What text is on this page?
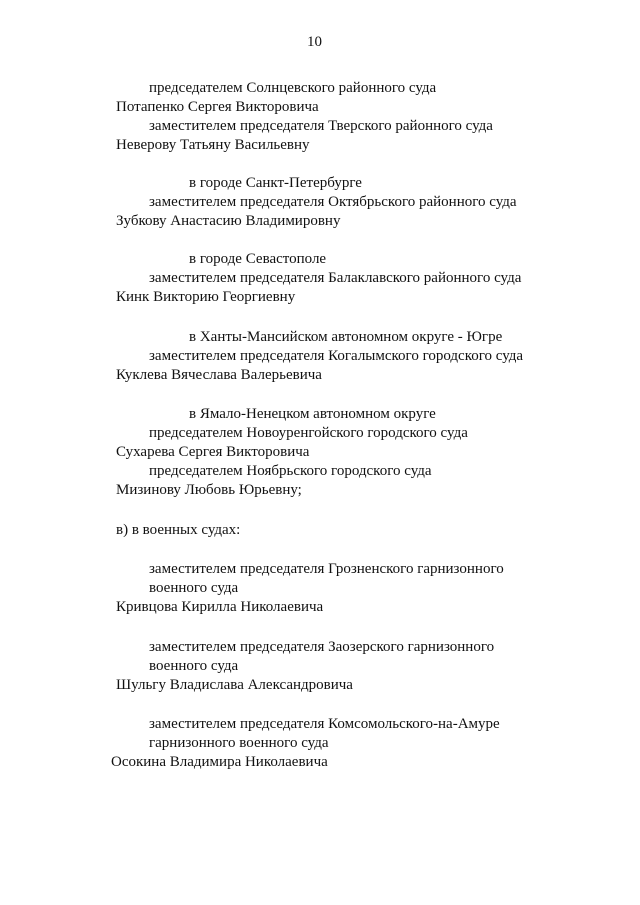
10
председателем Солнцевского районного суда
Потапенко Сергея Викторовича
заместителем председателя Тверского районного суда
Неверову Татьяну Васильевну
в городе Санкт-Петербурге
заместителем председателя Октябрьского районного суда
Зубкову Анастасию Владимировну
в городе Севастополе
заместителем председателя Балаклавского районного суда
Кинк Викторию Георгиевну
в Ханты-Мансийском автономном округе - Югре
заместителем председателя Когалымского городского суда
Куклева Вячеслава Валерьевича
в Ямало-Ненецком автономном округе
председателем Новоуренгойского городского суда
Сухарева Сергея Викторовича
председателем Ноябрьского городского суда
Мизинову Любовь Юрьевну;
в) в военных судах:
заместителем председателя Грозненского гарнизонного
военного суда
Кривцова Кирилла Николаевича
заместителем председателя Заозерского гарнизонного
военного суда
Шульгу Владислава Александровича
заместителем председателя Комсомольского-на-Амуре
гарнизонного военного суда
Осокина Владимира Николаевича
